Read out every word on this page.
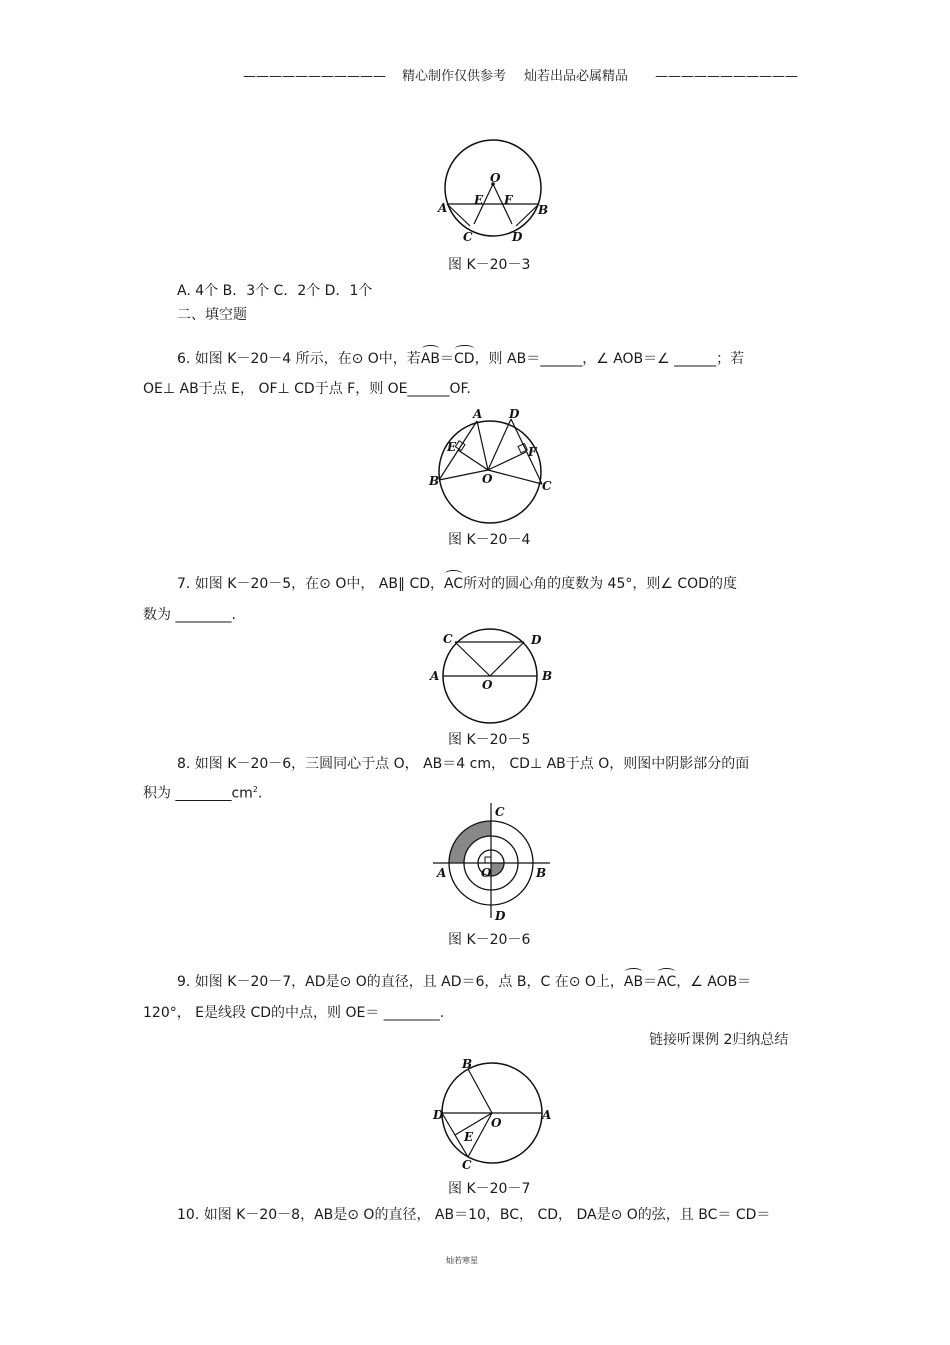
——————————— 精心制作仅供参考 灿若出品必属精品 ———————————
O
A	B
E F
C	D
图 K－20－3
A. 4个 B．3个 C．2个 D．1个
二、填空题
6. 如图 K－20－4 所示，在⊙ O中，若AB＝CD，则 AB＝______，∠ AOB＝∠ ______；若
OE⊥ AB于点 E， OF⊥ CD于点 F，则 OE______OF.
A D
E	F
B	O	C
图 K－20－4
7. 如图 K－20－5，在⊙ O中， AB∥ CD，AC所对的圆心角的度数为 45°，则∠ COD的度
数为 ________.
C	D
A
O
B
图 K－20－5
8. 如图 K－20－6，三圆同心于点 O， AB＝4 cm， CD⊥ AB于点 O，则图中阴影部分的面
积为 $\_\_\_\_\_\_\_\_cm^2$.
C
A	O	B
D
图 K－20－6
9. 如图 K－20－7，AD是⊙ O的直径，且 AD＝6，点 B，C 在⊙ O上，AB＝AC，∠ AOB＝
120°， E是线段 CD的中点，则 OE＝ ________.
链接听课例 2归纳总结
B
D	A
O
E
C
图 K－20－7
10. 如图 K－20－8，AB是⊙ O的直径， AB＝10，BC， CD， DA是⊙ O的弦，且 BC＝ CD＝
灿若寒星
